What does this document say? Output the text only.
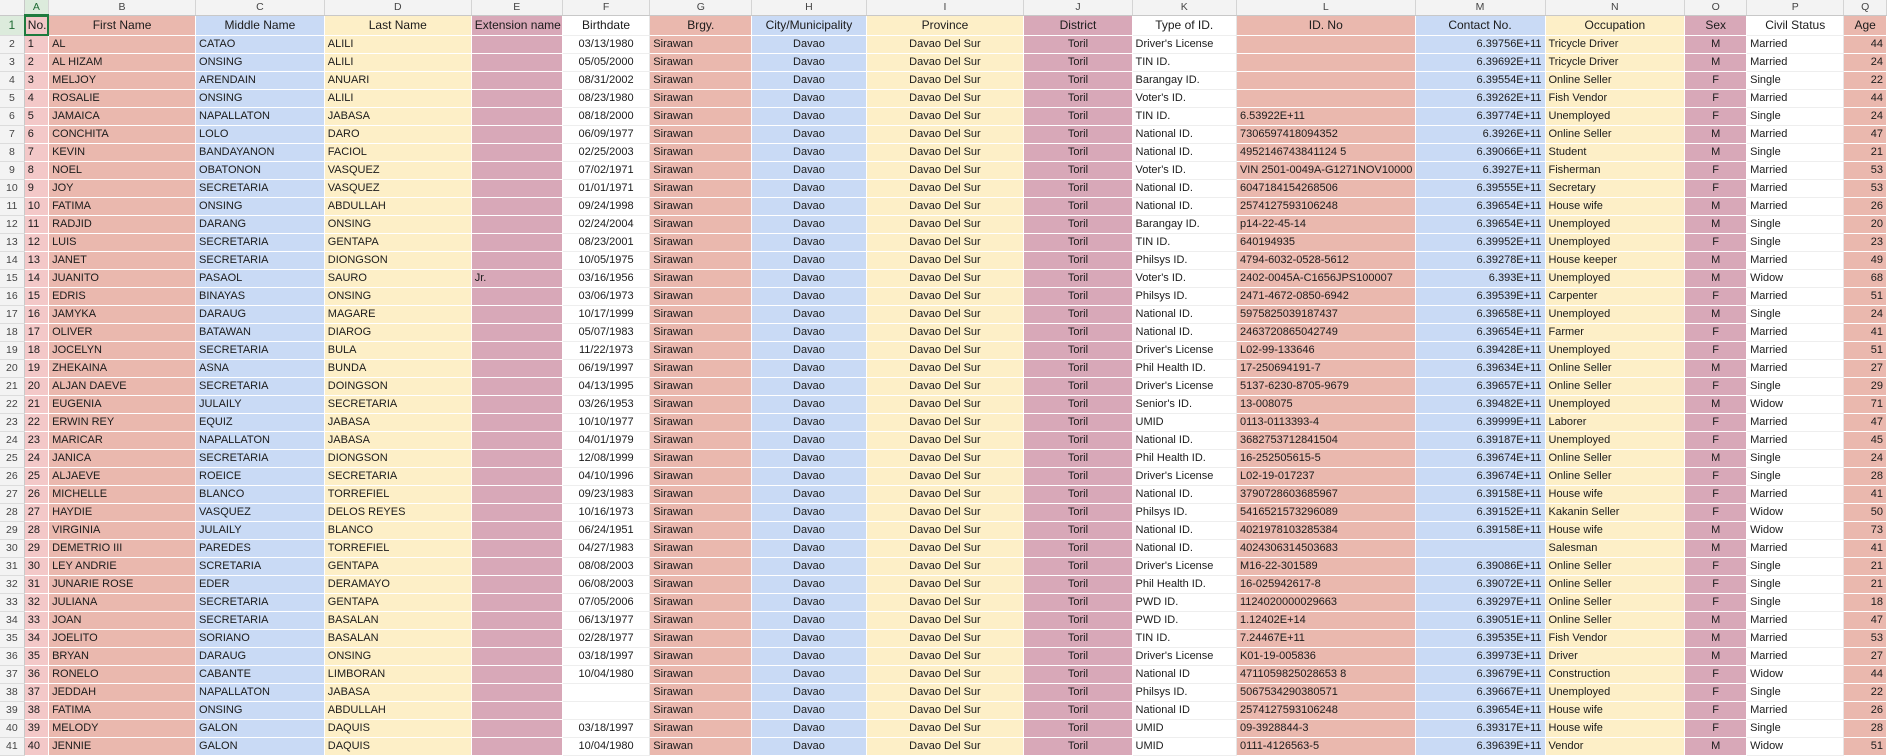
	A	B	C	D	E	F	G	H	I	J	K	L	M	N	O	P	Q
1	No.	First Name	Middle Name	Last Name	Extension name	Birthdate	Brgy.	City/Municipality	Province	District	Type of ID.	ID. No	Contact No.	Occupation	Sex	Civil Status	Age
2	1	AL	CATAO	ALILI		03/13/1980	Sirawan	Davao	Davao Del Sur	Toril	Driver's License		6.39756E+11	Tricycle Driver	M	Married	44
3	2	AL HIZAM	ONSING	ALILI		05/05/2000	Sirawan	Davao	Davao Del Sur	Toril	TIN ID.		6.39692E+11	Tricycle Driver	M	Married	24
4	3	MELJOY	ARENDAIN	ANUARI		08/31/2002	Sirawan	Davao	Davao Del Sur	Toril	Barangay ID.		6.39554E+11	Online Seller	F	Single	22
5	4	ROSALIE	ONSING	ALILI		08/23/1980	Sirawan	Davao	Davao Del Sur	Toril	Voter's ID.		6.39262E+11	Fish Vendor	F	Married	44
6	5	JAMAICA	NAPALLATON	JABASA		08/18/2000	Sirawan	Davao	Davao Del Sur	Toril	TIN ID.	6.53922E+11	6.39774E+11	Unemployed	F	Single	24
7	6	CONCHITA	LOLO	DARO		06/09/1977	Sirawan	Davao	Davao Del Sur	Toril	National ID.	7306597418094352	6.3926E+11	Online Seller	M	Married	47
8	7	KEVIN	BANDAYANON	FACIOL		02/25/2003	Sirawan	Davao	Davao Del Sur	Toril	National ID.	4952146743841124 5	6.39066E+11	Student	M	Single	21
9	8	NOEL	OBATONON	VASQUEZ		07/02/1971	Sirawan	Davao	Davao Del Sur	Toril	Voter's ID.	VIN 2501-0049A-G1271NOV10000	6.3927E+11	Fisherman	F	Married	53
10	9	JOY	SECRETARIA	VASQUEZ		01/01/1971	Sirawan	Davao	Davao Del Sur	Toril	National ID.	6047184154268506	6.39555E+11	Secretary	F	Married	53
11	10	FATIMA	ONSING	ABDULLAH		09/24/1998	Sirawan	Davao	Davao Del Sur	Toril	National ID.	2574127593106248	6.39654E+11	House wife	M	Married	26
12	11	RADJID	DARANG	ONSING		02/24/2004	Sirawan	Davao	Davao Del Sur	Toril	Barangay ID.	p14-22-45-14	6.39654E+11	Unemployed	M	Single	20
13	12	LUIS	SECRETARIA	GENTAPA		08/23/2001	Sirawan	Davao	Davao Del Sur	Toril	TIN ID.	640194935	6.39952E+11	Unemployed	F	Single	23
14	13	JANET	SECRETARIA	DIONGSON		10/05/1975	Sirawan	Davao	Davao Del Sur	Toril	Philsys ID.	4794-6032-0528-5612	6.39278E+11	House keeper	M	Married	49
15	14	JUANITO	PASAOL	SAURO	Jr.	03/16/1956	Sirawan	Davao	Davao Del Sur	Toril	Voter's ID.	2402-0045A-C1656JPS100007	6.393E+11	Unemployed	M	Widow	68
16	15	EDRIS	BINAYAS	ONSING		03/06/1973	Sirawan	Davao	Davao Del Sur	Toril	Philsys ID.	2471-4672-0850-6942	6.39539E+11	Carpenter	F	Married	51
17	16	JAMYKA	DARAUG	MAGARE		10/17/1999	Sirawan	Davao	Davao Del Sur	Toril	National ID.	5975825039187437	6.39658E+11	Unemployed	M	Single	24
18	17	OLIVER	BATAWAN	DIAROG		05/07/1983	Sirawan	Davao	Davao Del Sur	Toril	National ID.	2463720865042749	6.39654E+11	Farmer	F	Married	41
19	18	JOCELYN	SECRETARIA	BULA		11/22/1973	Sirawan	Davao	Davao Del Sur	Toril	Driver's License	L02-99-133646	6.39428E+11	Unemployed	F	Married	51
20	19	ZHEKAINA	ASNA	BUNDA		06/19/1997	Sirawan	Davao	Davao Del Sur	Toril	Phil Health ID.	17-250694191-7	6.39634E+11	Online Seller	M	Married	27
21	20	ALJAN DAEVE	SECRETARIA	DOINGSON		04/13/1995	Sirawan	Davao	Davao Del Sur	Toril	Driver's License	5137-6230-8705-9679	6.39657E+11	Online Seller	F	Single	29
22	21	EUGENIA	JULAILY	SECRETARIA		03/26/1953	Sirawan	Davao	Davao Del Sur	Toril	Senior's ID.	13-008075	6.39482E+11	Unemployed	M	Widow	71
23	22	ERWIN REY	EQUIZ	JABASA		10/10/1977	Sirawan	Davao	Davao Del Sur	Toril	UMID	0113-0113393-4	6.39999E+11	Laborer	F	Married	47
24	23	MARICAR	NAPALLATON	JABASA		04/01/1979	Sirawan	Davao	Davao Del Sur	Toril	National ID.	3682753712841504	6.39187E+11	Unemployed	F	Married	45
25	24	JANICA	SECRETARIA	DIONGSON		12/08/1999	Sirawan	Davao	Davao Del Sur	Toril	Phil Health ID.	16-252505615-5	6.39674E+11	Online Seller	M	Single	24
26	25	ALJAEVE	ROEICE	SECRETARIA		04/10/1996	Sirawan	Davao	Davao Del Sur	Toril	Driver's License	L02-19-017237	6.39674E+11	Online Seller	F	Single	28
27	26	MICHELLE	BLANCO	TORREFIEL		09/23/1983	Sirawan	Davao	Davao Del Sur	Toril	National ID.	3790728603685967	6.39158E+11	House wife	F	Married	41
28	27	HAYDIE	VASQUEZ	DELOS REYES		10/16/1973	Sirawan	Davao	Davao Del Sur	Toril	Philsys ID.	5416521573296089	6.39152E+11	Kakanin Seller	F	Widow	50
29	28	VIRGINIA	JULAILY	BLANCO		06/24/1951	Sirawan	Davao	Davao Del Sur	Toril	National ID.	4021978103285384	6.39158E+11	House wife	M	Widow	73
30	29	DEMETRIO III	PAREDES	TORREFIEL		04/27/1983	Sirawan	Davao	Davao Del Sur	Toril	National ID.	4024306314503683		Salesman	M	Married	41
31	30	LEY ANDRIE	SCRETARIA	GENTAPA		08/08/2003	Sirawan	Davao	Davao Del Sur	Toril	Driver's License	M16-22-301589	6.39086E+11	Online Seller	F	Single	21
32	31	JUNARIE ROSE	EDER	DERAMAYO		06/08/2003	Sirawan	Davao	Davao Del Sur	Toril	Phil Health ID.	16-025942617-8	6.39072E+11	Online Seller	F	Single	21
33	32	JULIANA	SECRETARIA	GENTAPA		07/05/2006	Sirawan	Davao	Davao Del Sur	Toril	PWD ID.	1124020000029663	6.39297E+11	Online Seller	F	Single	18
34	33	JOAN	SECRETARIA	BASALAN		06/13/1977	Sirawan	Davao	Davao Del Sur	Toril	PWD ID.	1.12402E+14	6.39051E+11	Online Seller	M	Married	47
35	34	JOELITO	SORIANO	BASALAN		02/28/1977	Sirawan	Davao	Davao Del Sur	Toril	TIN ID.	7.24467E+11	6.39535E+11	Fish Vendor	M	Married	53
36	35	BRYAN	DARAUG	ONSING		03/18/1997	Sirawan	Davao	Davao Del Sur	Toril	Driver's License	K01-19-005836	6.39973E+11	Driver	M	Married	27
37	36	RONELO	CABANTE	LIMBORAN		10/04/1980	Sirawan	Davao	Davao Del Sur	Toril	National ID	4711059825028653 8	6.39679E+11	Construction	F	Widow	44
38	37	JEDDAH	NAPALLATON	JABASA			Sirawan	Davao	Davao Del Sur	Toril	Philsys ID.	5067534290380571	6.39667E+11	Unemployed	F	Single	22
39	38	FATIMA	ONSING	ABDULLAH			Sirawan	Davao	Davao Del Sur	Toril	National ID	2574127593106248	6.39654E+11	House wife	F	Married	26
40	39	MELODY	GALON	DAQUIS		03/18/1997	Sirawan	Davao	Davao Del Sur	Toril	UMID	09-3928844-3	6.39317E+11	House wife	F	Single	28
41	40	JENNIE	GALON	DAQUIS		10/04/1980	Sirawan	Davao	Davao Del Sur	Toril	UMID	0111-4126563-5	6.39639E+11	Vendor	M	Widow	51
